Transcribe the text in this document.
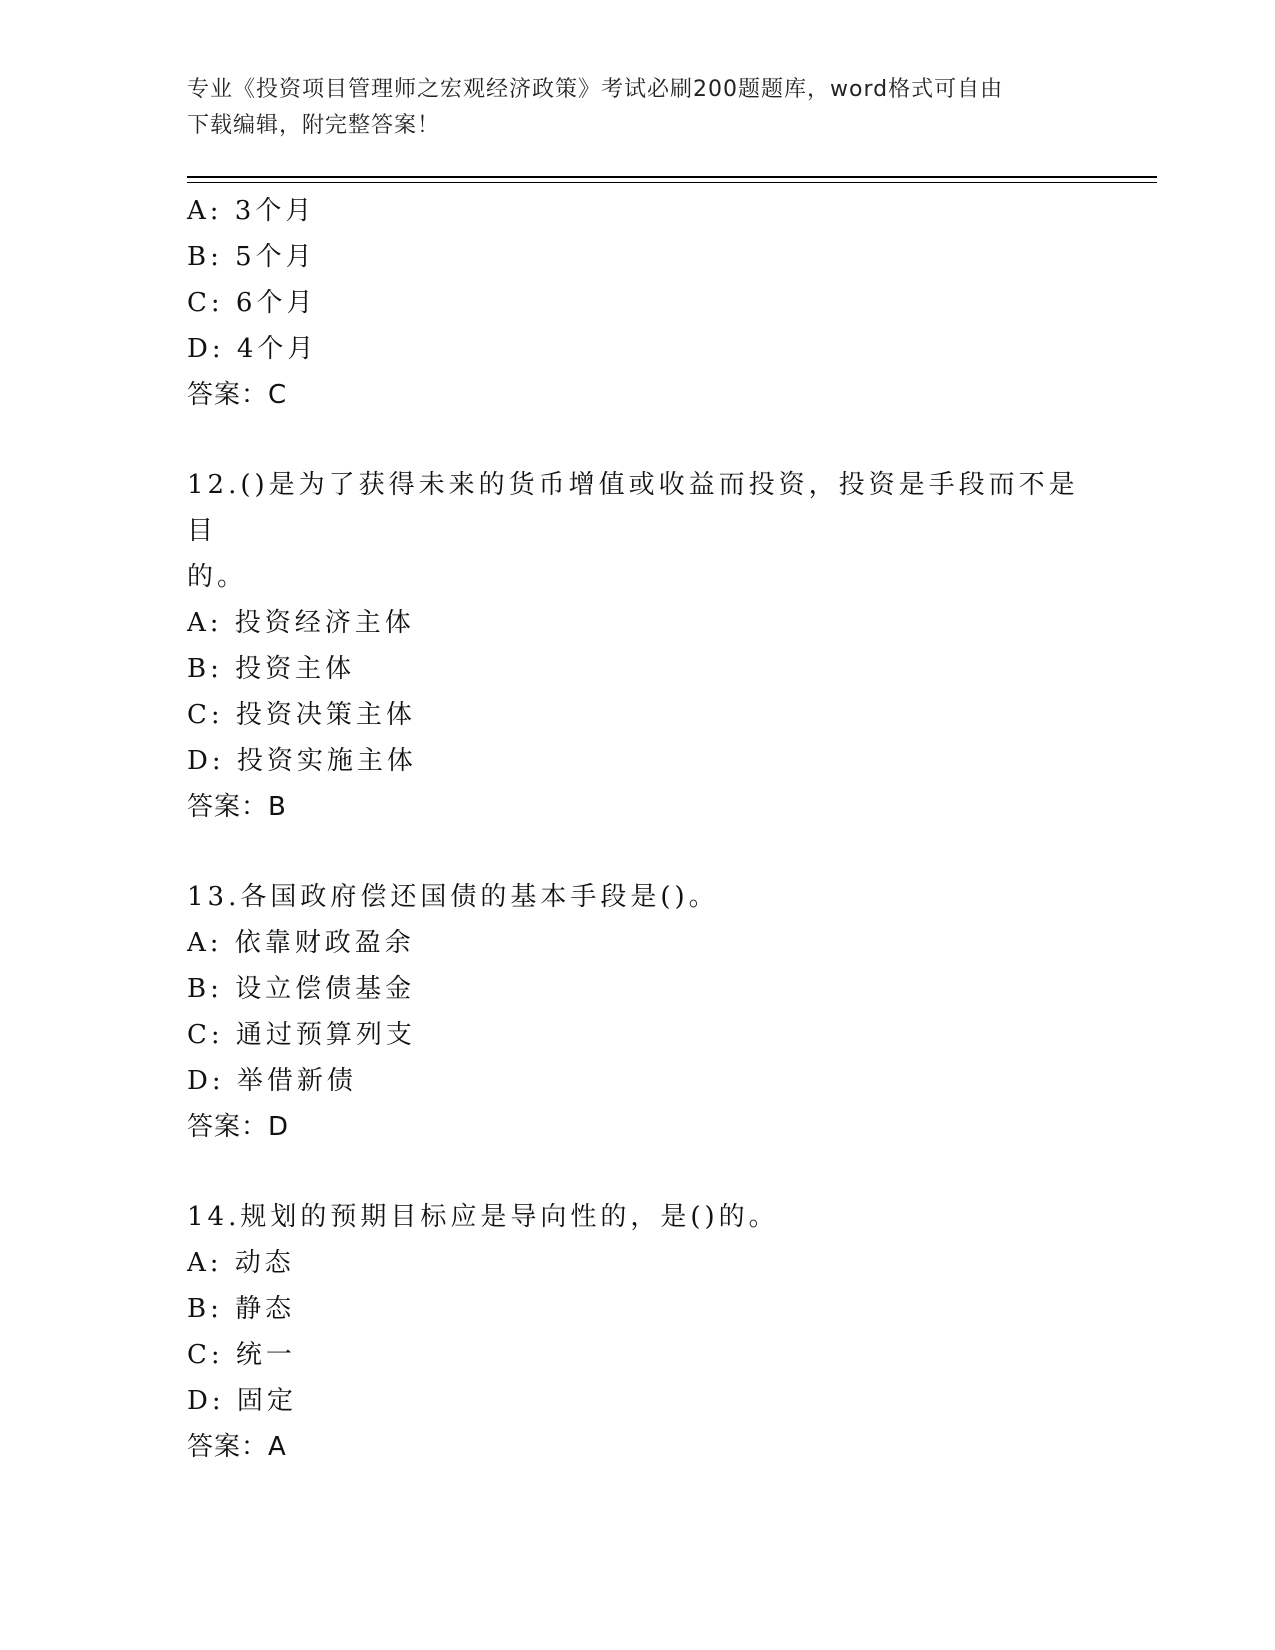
专业《投资项目管理师之宏观经济政策》考试必刷200题题库，word格式可自由
下载编辑，附完整答案！
A: 3个月
B: 5个月
C: 6个月
D: 4个月
答案：C
12.()是为了获得未来的货币增值或收益而投资，投资是手段而不是目
的。
A: 投资经济主体
B: 投资主体
C: 投资决策主体
D: 投资实施主体
答案：B
13.各国政府偿还国债的基本手段是()。
A: 依靠财政盈余
B: 设立偿债基金
C: 通过预算列支
D: 举借新债
答案：D
14.规划的预期目标应是导向性的，是()的。
A: 动态
B: 静态
C: 统一
D: 固定
答案：A
